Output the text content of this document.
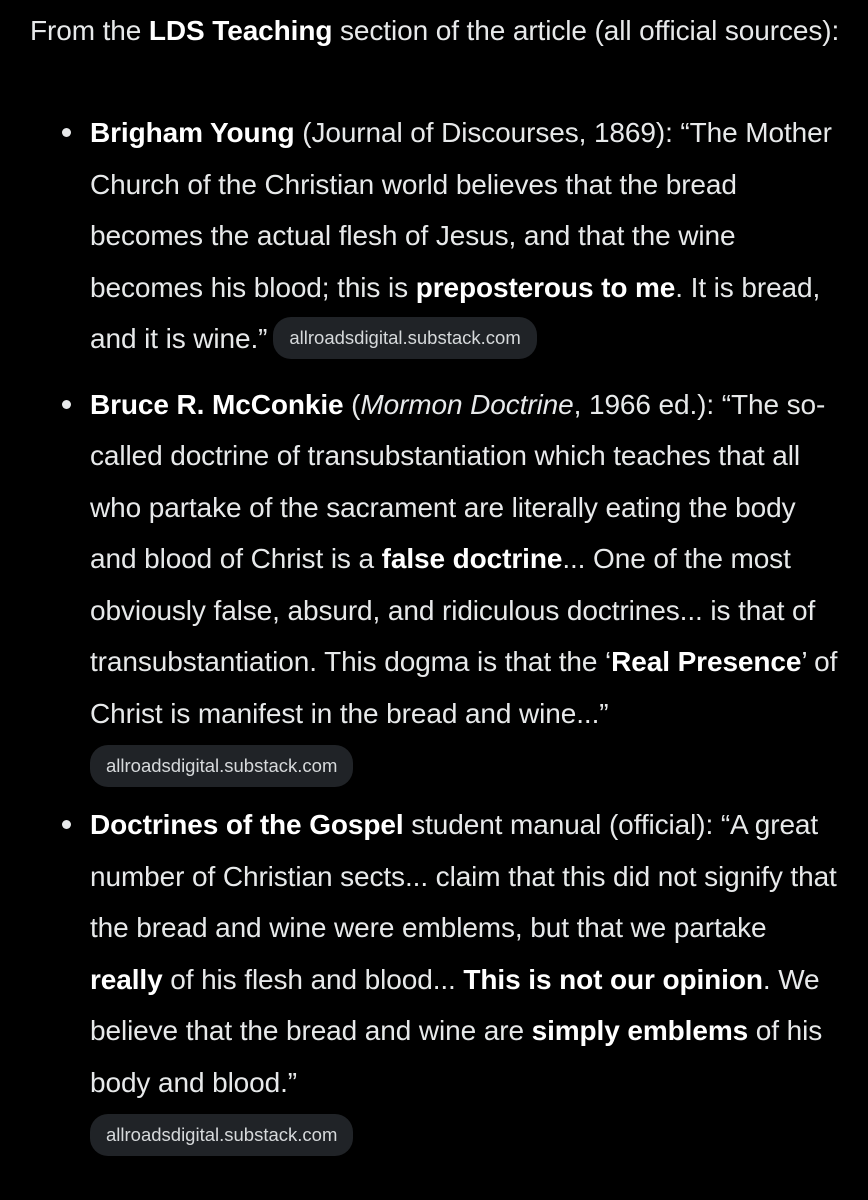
From the LDS Teaching section of the article (all official sources):

Brigham Young (Journal of Discourses, 1869): “The Mother Church of the Christian world believes that the bread becomes the actual flesh of Jesus, and that the wine becomes his blood; this is preposterous to me. It is bread, and it is wine.” allroadsdigital.substack.com
Bruce R. McConkie (Mormon Doctrine, 1966 ed.): “The so-called doctrine of transubstantiation which teaches that all who partake of the sacrament are literally eating the body and blood of Christ is a false doctrine... One of the most obviously false, absurd, and ridiculous doctrines... is that of transubstantiation. This dogma is that the ‘Real Presence’ of Christ is manifest in the bread and wine...”
allroadsdigital.substack.com
Doctrines of the Gospel student manual (official): “A great number of Christian sects... claim that this did not signify that the bread and wine were emblems, but that we partake really of his flesh and blood... This is not our opinion. We believe that the bread and wine are simply emblems of his body and blood.”
allroadsdigital.substack.com
